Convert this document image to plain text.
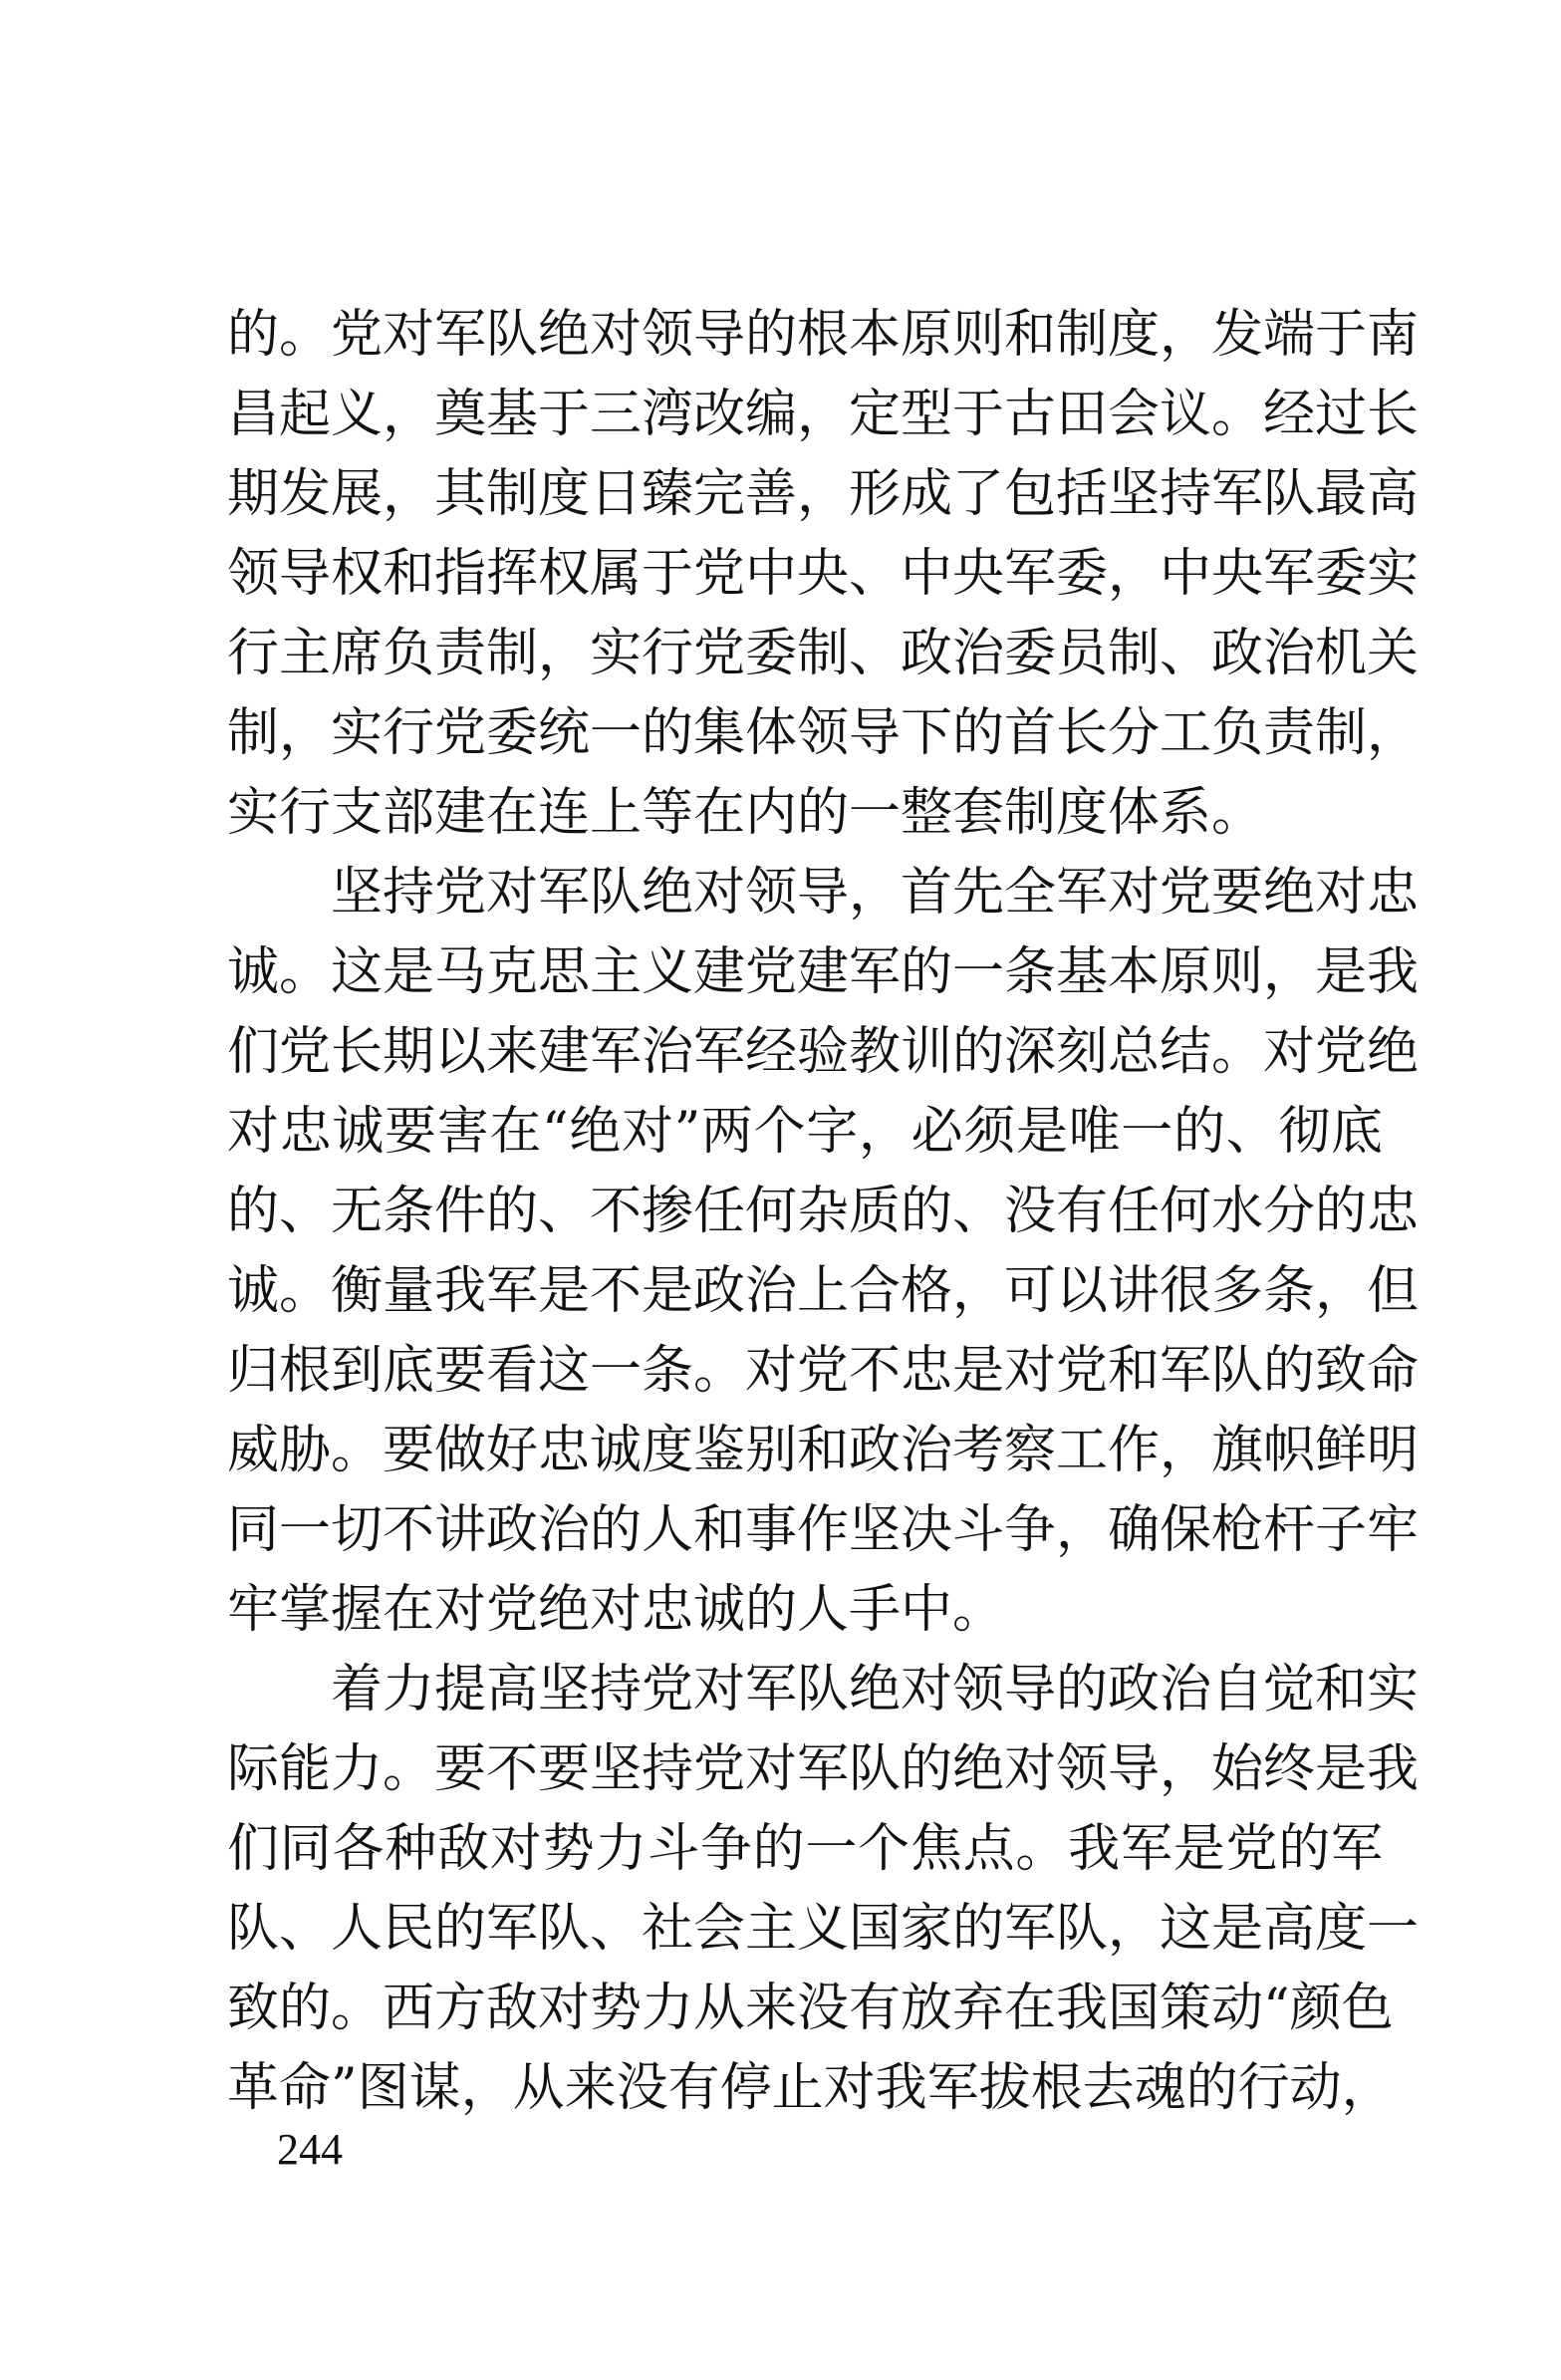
的。党对军队绝对领导的根本原则和制度，发端于南
昌起义，奠基于三湾改编，定型于古田会议。经过长
期发展，其制度日臻完善，形成了包括坚持军队最高
领导权和指挥权属于党中央、中央军委，中央军委实
行主席负责制，实行党委制、政治委员制、政治机关
制，实行党委统一的集体领导下的首长分工负责制，
实行支部建在连上等在内的一整套制度体系。
坚持党对军队绝对领导，首先全军对党要绝对忠
诚。这是马克思主义建党建军的一条基本原则，是我
们党长期以来建军治军经验教训的深刻总结。对党绝
对忠诚要害在“绝对”两个字，必须是唯一的、彻底
的、无条件的、不掺任何杂质的、没有任何水分的忠
诚。衡量我军是不是政治上合格，可以讲很多条，但
归根到底要看这一条。对党不忠是对党和军队的致命
威胁。要做好忠诚度鉴别和政治考察工作，旗帜鲜明
同一切不讲政治的人和事作坚决斗争，确保枪杆子牢
牢掌握在对党绝对忠诚的人手中。
着力提高坚持党对军队绝对领导的政治自觉和实
际能力。要不要坚持党对军队的绝对领导，始终是我
们同各种敌对势力斗争的一个焦点。我军是党的军
队、人民的军队、社会主义国家的军队，这是高度一
致的。西方敌对势力从来没有放弃在我国策动“颜色
革命”图谋，从来没有停止对我军拔根去魂的行动，
244
